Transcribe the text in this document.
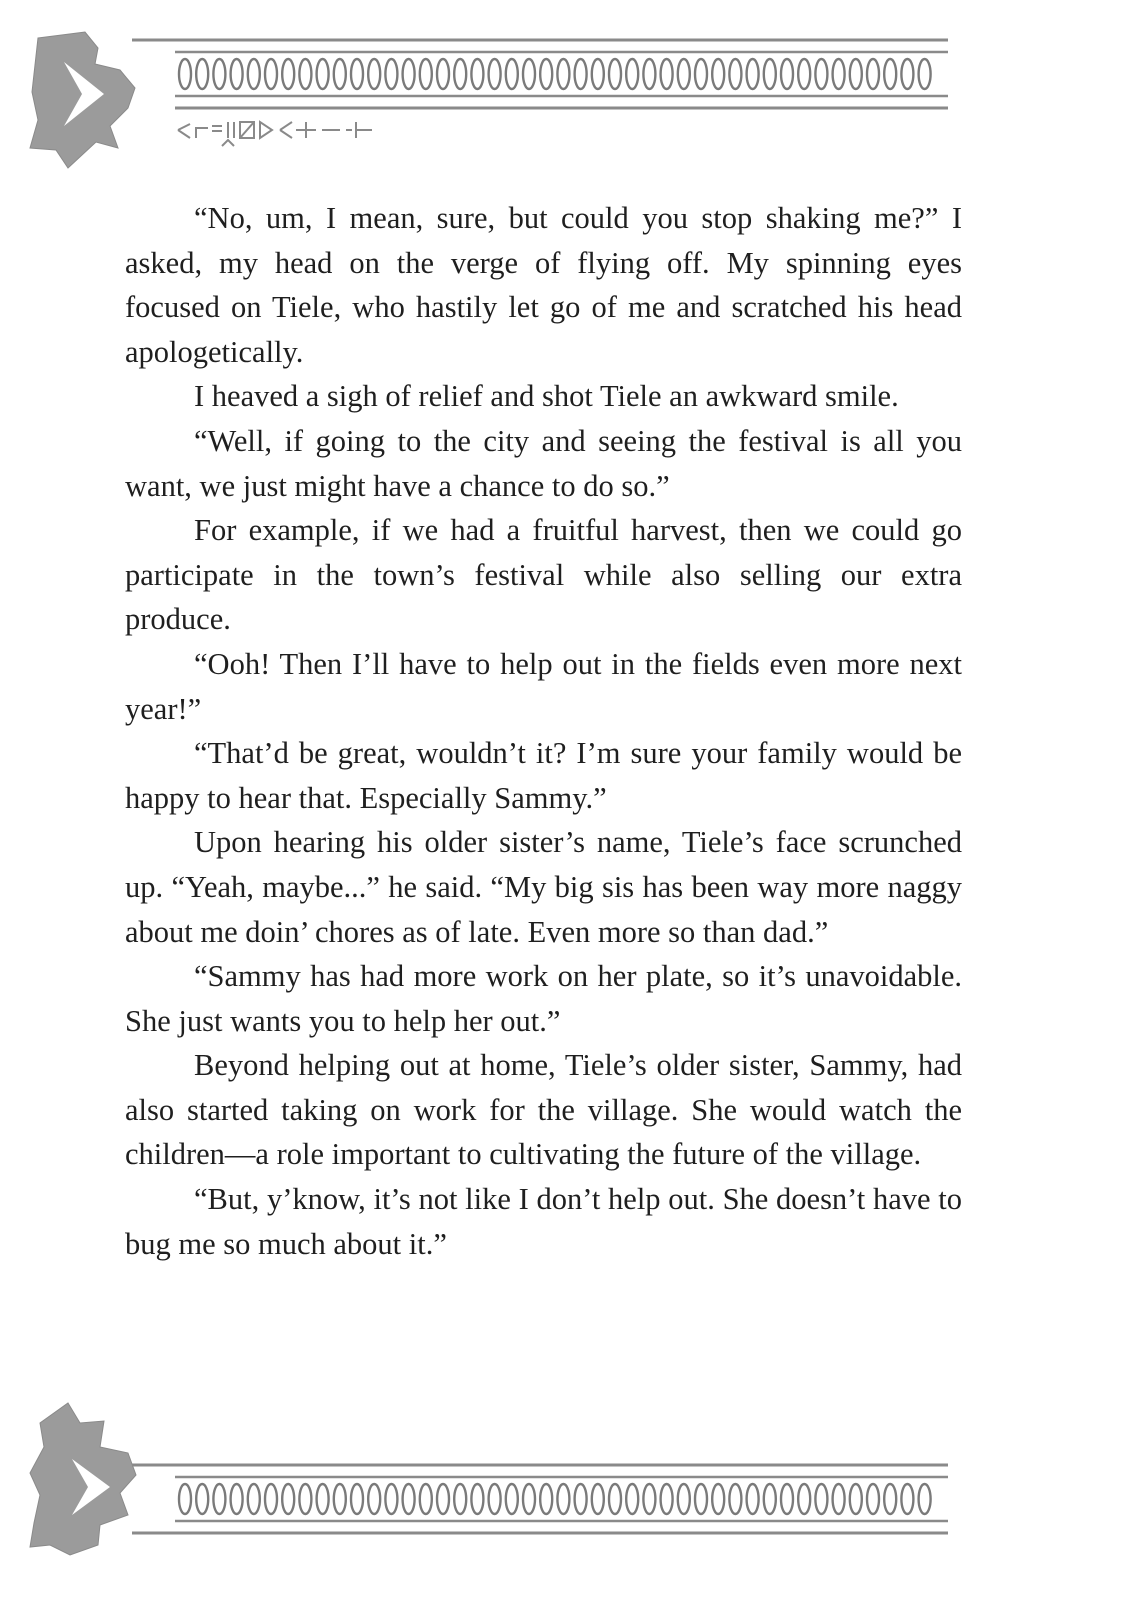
“No, um, I mean, sure, but could you stop shaking me?” I asked, my head on the verge of flying off. My spinning eyes focused on Tiele, who hastily let go of me and scratched his head apologetically.

I heaved a sigh of relief and shot Tiele an awkward smile.

“Well, if going to the city and seeing the festival is all you want, we just might have a chance to do so.”

For example, if we had a fruitful harvest, then we could go participate in the town’s festival while also selling our extra produce.

“Ooh! Then I’ll have to help out in the fields even more next year!”

“That’d be great, wouldn’t it? I’m sure your family would be happy to hear that. Especially Sammy.”

Upon hearing his older sister’s name, Tiele’s face scrunched up. “Yeah, maybe...” he said. “My big sis has been way more naggy about me doin’ chores as of late. Even more so than dad.”

“Sammy has had more work on her plate, so it’s unavoidable. She just wants you to help her out.”

Beyond helping out at home, Tiele’s older sister, Sammy, had also started taking on work for the village. She would watch the children—a role important to cultivating the future of the village.

“But, y’know, it’s not like I don’t help out. She doesn’t have to bug me so much about it.”
